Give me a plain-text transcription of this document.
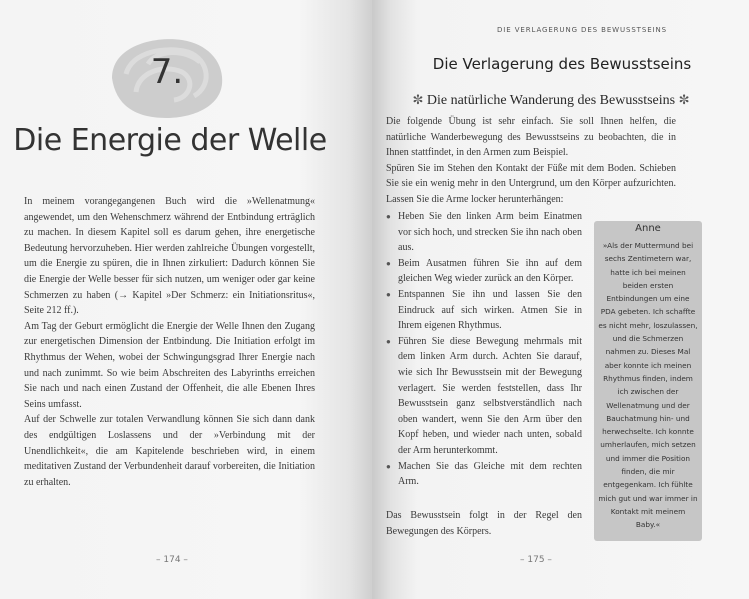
7.
Die Energie der Welle

In meinem vorangegangenen Buch wird die »Wellenatmung« angewendet, um den Wehenschmerz während der Entbindung erträglich zu machen. In diesem Kapitel soll es darum gehen, ihre energetische Bedeutung hervorzuheben. Hier werden zahlreiche Übungen vorgestellt, um die Energie zu spüren, die in Ihnen zirkuliert: Dadurch können Sie die Energie der Welle besser für sich nutzen, um weniger oder gar keine Schmerzen zu haben (→ Kapitel »Der Schmerz: ein Initiationsritus«, Seite 212 ff.).

Am Tag der Geburt ermöglicht die Energie der Welle Ihnen den Zugang zur energetischen Dimension der Entbindung. Die Initiation erfolgt im Rhythmus der Wehen, wobei der Schwingungsgrad Ihrer Energie nach und nach zunimmt. So wie beim Abschreiten des Labyrinths erreichen Sie nach und nach einen Zustand der Offenheit, die alle Ebenen Ihres Seins umfasst.

Auf der Schwelle zur totalen Verwandlung können Sie sich dann dank des endgültigen Loslassens und der »Verbindung mit der Unendlichkeit«, die am Kapitelende beschrieben wird, in einem meditativen Zustand der Verbundenheit darauf vorbereiten, die Initiation zu erhalten.

– 174 –
DIE VERLAGERUNG DES BEWUSSTSEINS
Die Verlagerung des Bewusstseins
✼ Die natürliche Wanderung des Bewusstseins ✼

Die folgende Übung ist sehr einfach. Sie soll Ihnen helfen, die natürliche Wanderbewegung des Bewusstseins zu beobachten, die in Ihnen stattfindet, in den Armen zum Beispiel.

Spüren Sie im Stehen den Kontakt der Füße mit dem Boden. Schieben Sie sie ein wenig mehr in den Untergrund, um den Körper aufzurichten. Lassen Sie die Arme locker herunterhängen:

● Heben Sie den linken Arm beim Einatmen vor sich hoch, und strecken Sie ihn nach oben aus.
● Beim Ausatmen führen Sie ihn auf dem gleichen Weg wieder zurück an den Körper.
● Entspannen Sie ihn und lassen Sie den Eindruck auf sich wirken. Atmen Sie in Ihrem eigenen Rhythmus.
● Führen Sie diese Bewegung mehrmals mit dem linken Arm durch. Achten Sie darauf, wie sich Ihr Bewusstsein mit der Bewegung verlagert. Sie werden feststellen, dass Ihr Bewusstsein ganz selbstverständlich nach oben wandert, wenn Sie den Arm über den Kopf heben, und wieder nach unten, sobald der Arm herunterkommt.
● Machen Sie das Gleiche mit dem rechten Arm.

Das Bewusstsein folgt in der Regel den Bewegungen des Körpers.

Anne
»Als der Muttermund bei sechs Zentimetern war, hatte ich bei meinen beiden ersten Entbindungen um eine PDA gebeten. Ich schaffte es nicht mehr, loszulassen, und die Schmerzen nahmen zu. Dieses Mal aber konnte ich meinen Rhythmus finden, indem ich zwischen der Wellenatmung und der Bauchatmung hin- und herwechselte. Ich konnte umherlaufen, mich setzen und immer die Position finden, die mir entgegenkam. Ich fühlte mich gut und war immer in Kontakt mit meinem Baby.«
– 175 –
